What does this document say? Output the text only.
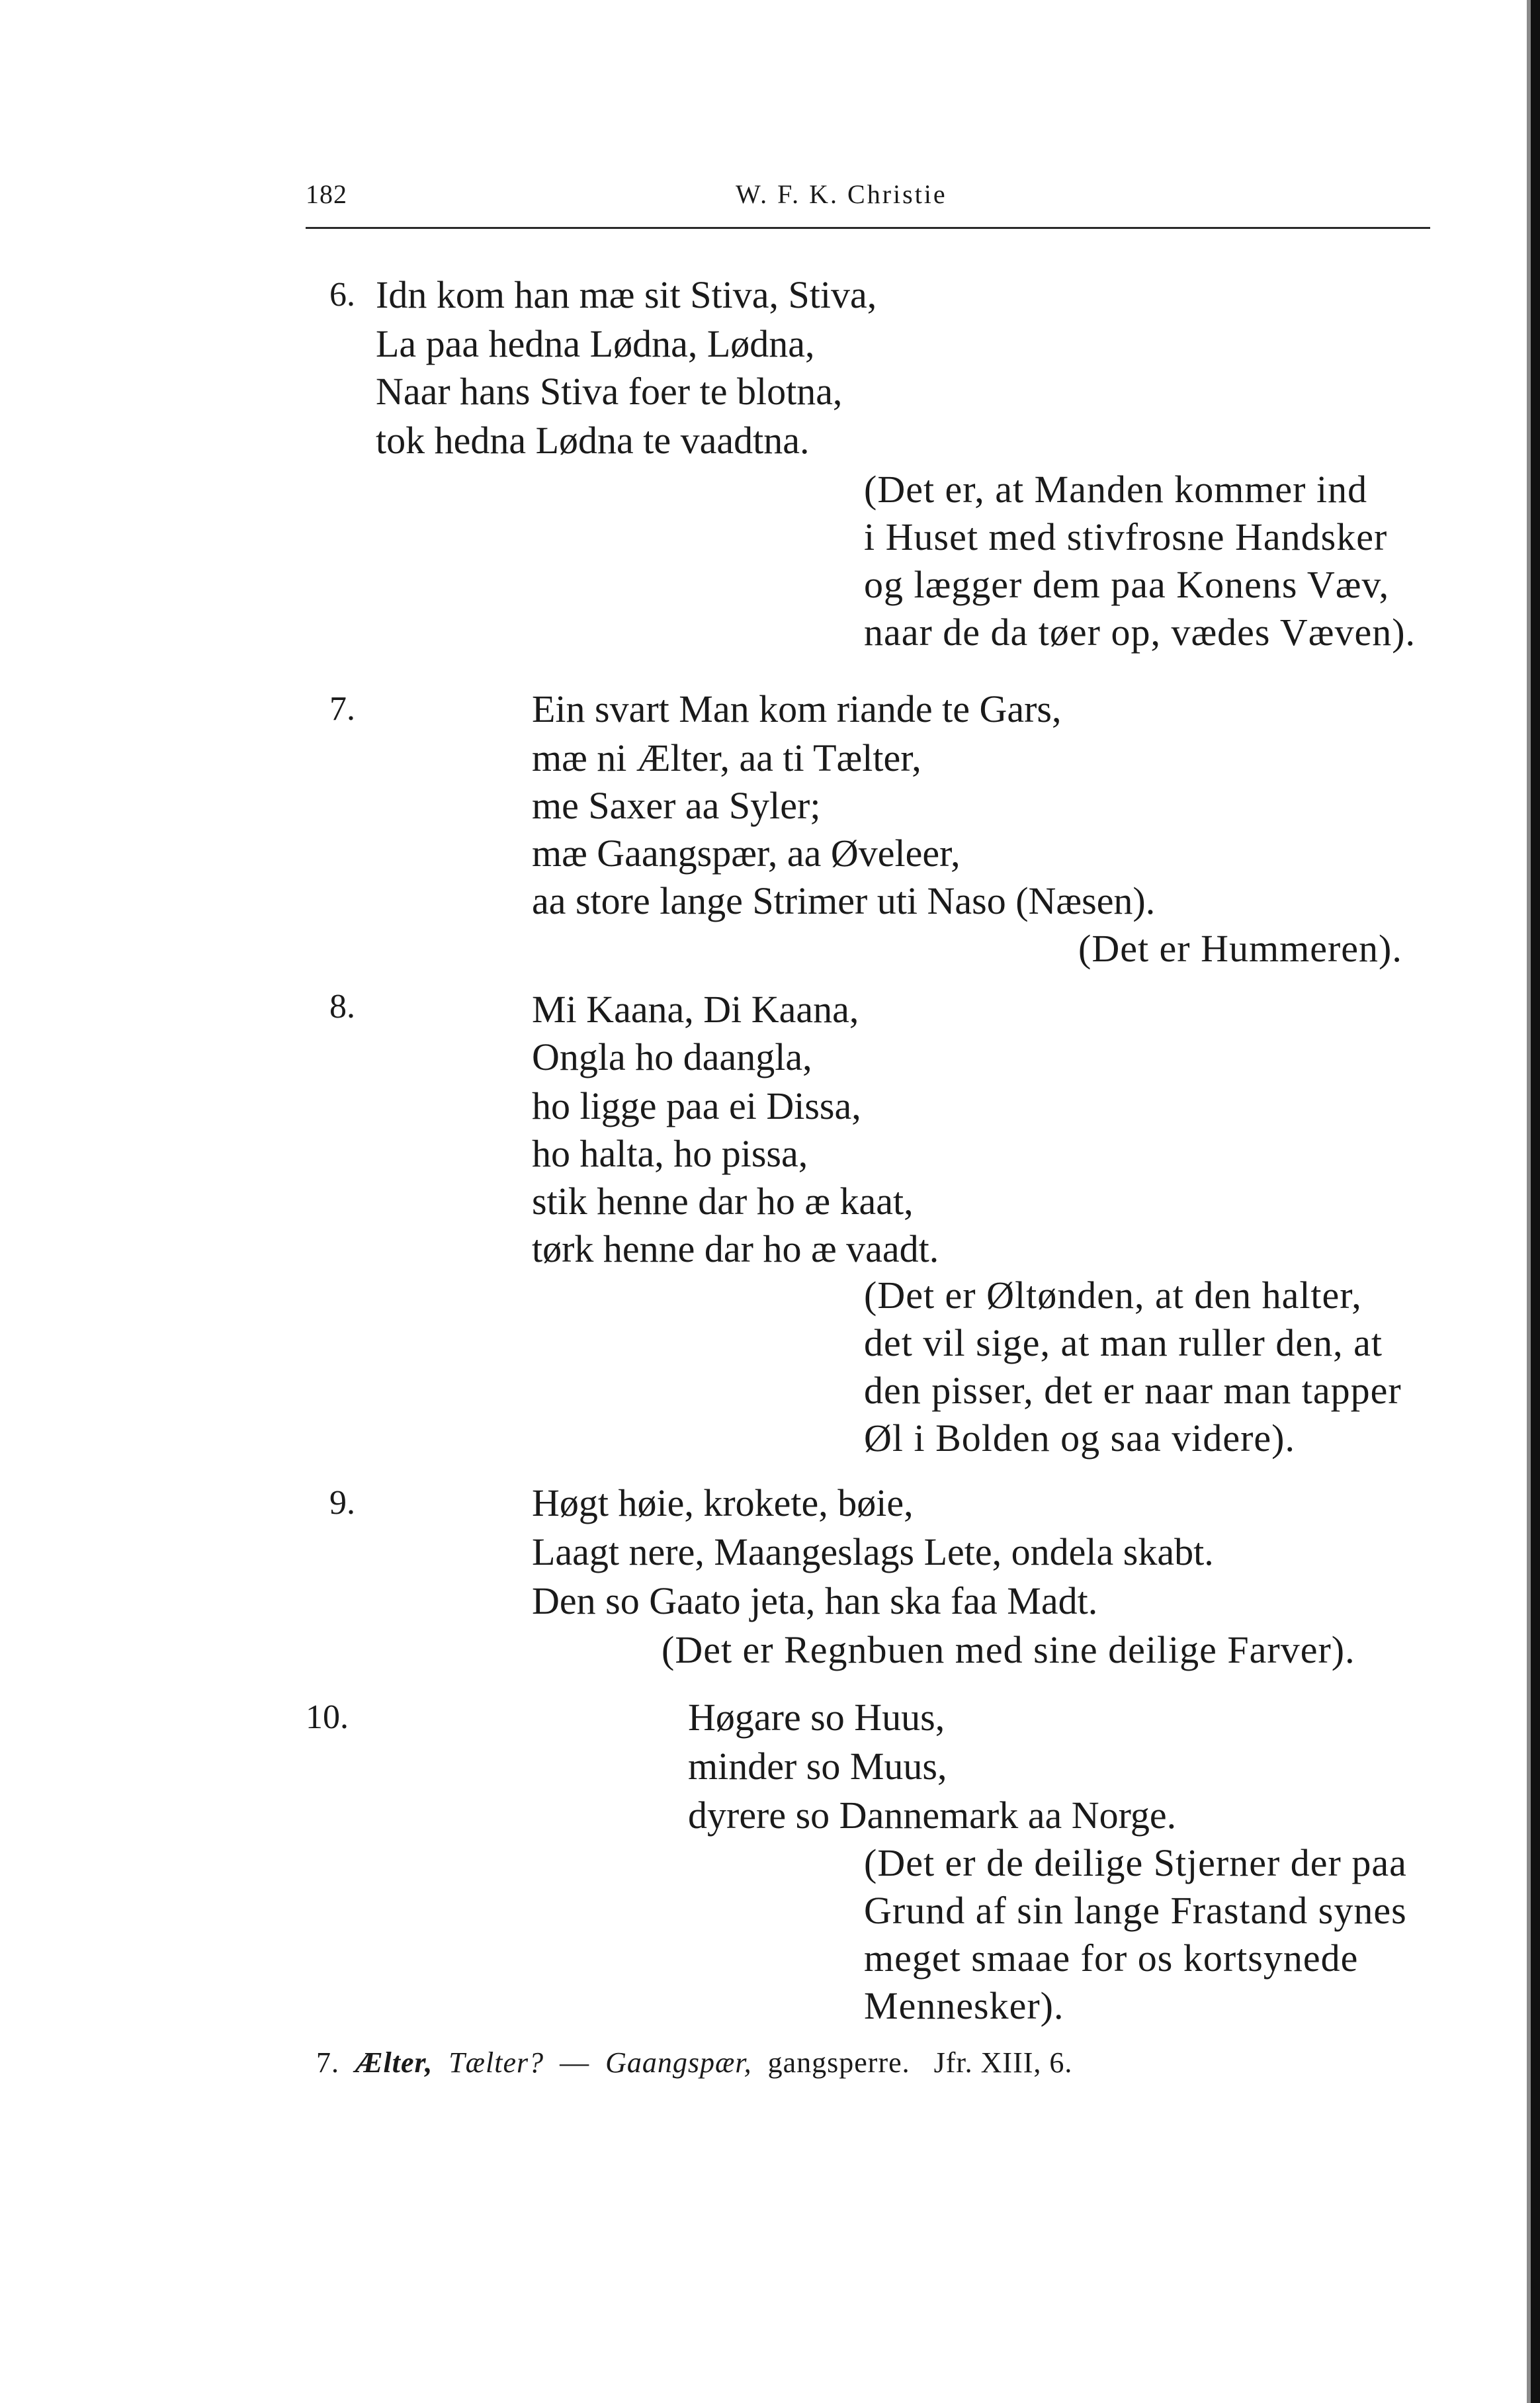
182	W. F. K. Christie
6. Idn kom han mæ sit Stiva, Stiva,
La paa hedna Lødna, Lødna,
Naar hans Stiva foer te blotna,
tok hedna Lødna te vaadtna.
(Det er, at Manden kommer ind
i Huset med stivfrosne Handsker
og lægger dem paa Konens Væv,
naar de da tøer op, vædes Væven).
7.	Ein svart Man kom riande te Gars,
mæ ni Ælter, aa ti Tælter,
me Saxer aa Syler;
mæ Gaangspær, aa Øveleer,
aa store lange Strimer uti Naso (Næsen).
(Det er Hummeren).
8.	Mi Kaana, Di Kaana,
Ongla ho daangla,
ho ligge paa ei Dissa,
ho halta, ho pissa,
stik henne dar ho æ kaat,
tørk henne dar ho æ vaadt.
(Det er Øltønden, at den halter,
det vil sige, at man ruller den, at
den pisser, det er naar man tapper
Øl i Bolden og saa videre).
9.	Høgt høie, krokete, bøie,
Laagt nere, Maangeslags Lete, ondela skabt.
Den so Gaato jeta, han ska faa Madt.
(Det er Regnbuen med sine deilige Farver).
10.	Høgare so Huus,
minder so Muus,
dyrere so Dannemark aa Norge.
(Det er de deilige Stjerner der paa
Grund af sin lange Frastand synes
meget smaae for os kortsynede
Mennesker).
7. Ælter, Tælter? — Gaangspær, gangsperre. Jfr. XIII, 6.
